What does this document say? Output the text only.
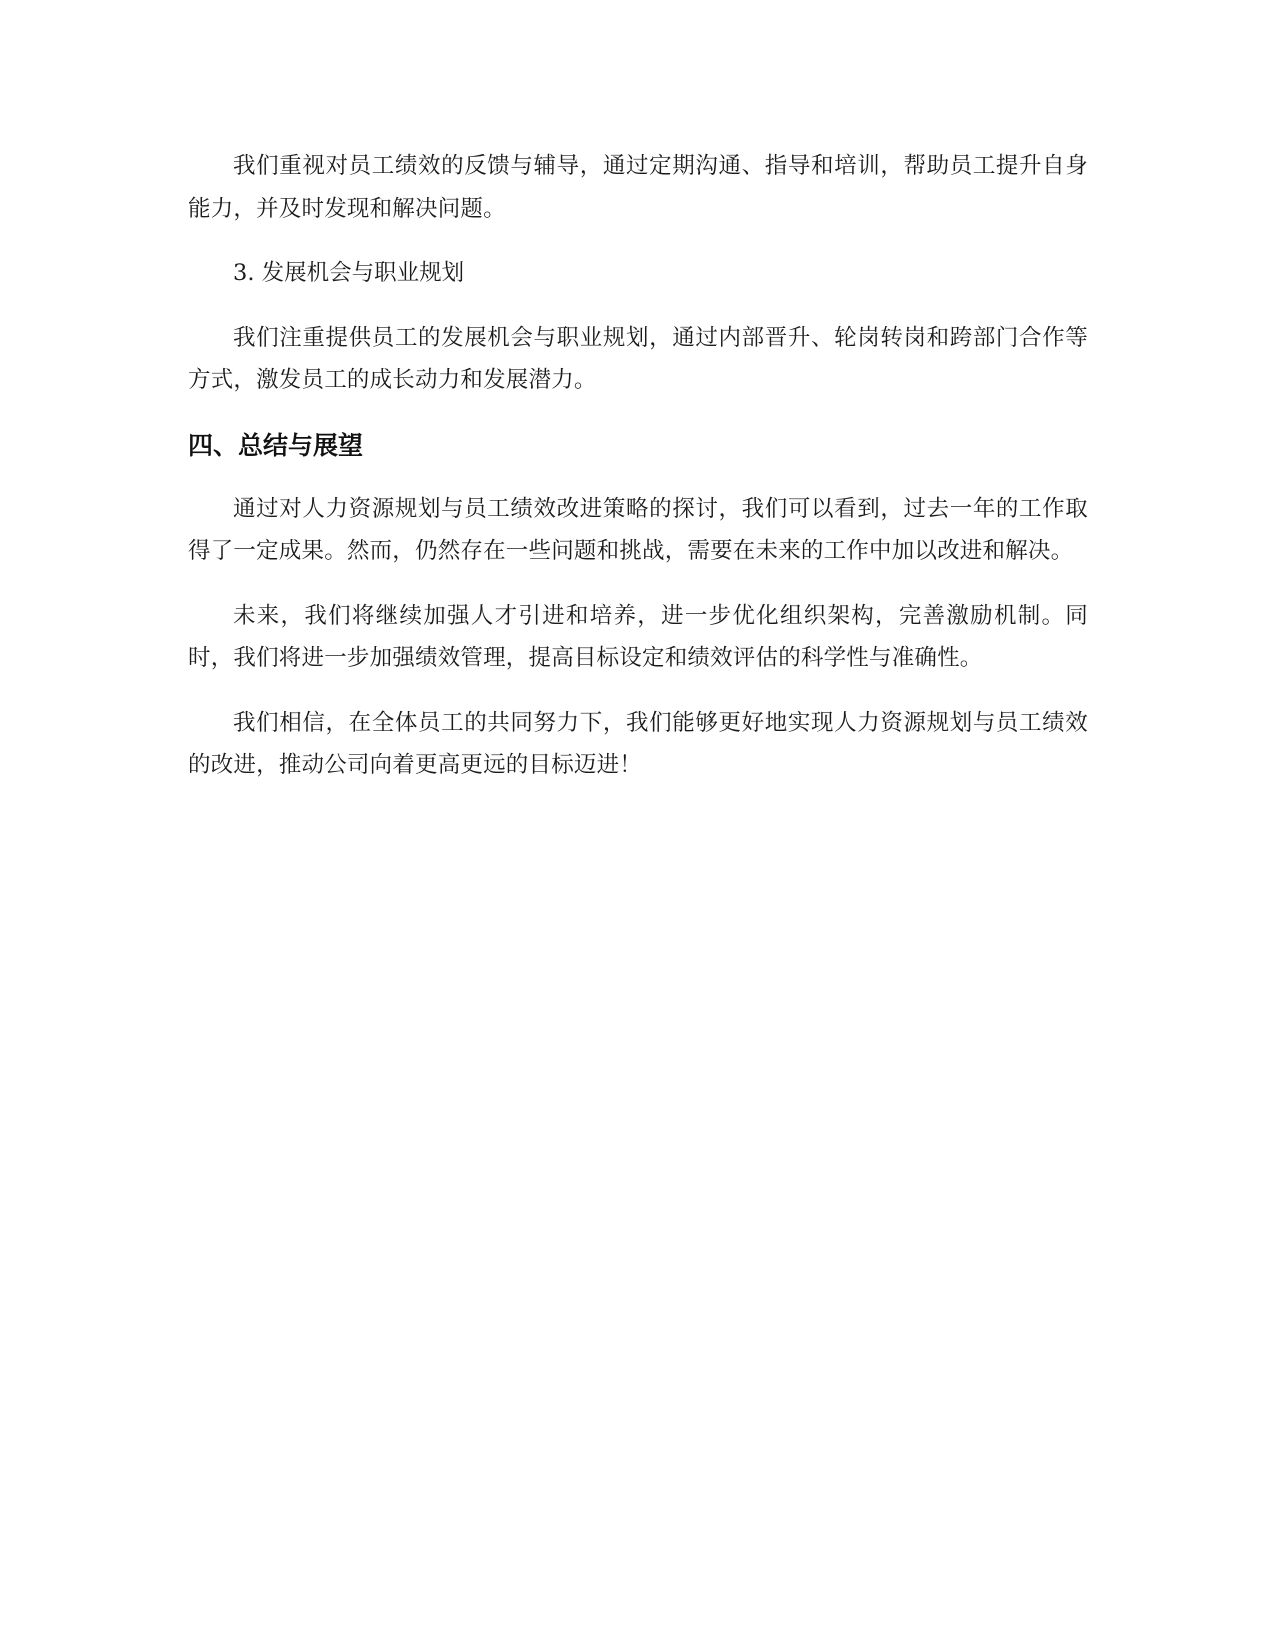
我们重视对员工绩效的反馈与辅导，通过定期沟通、指导和培训，帮助员工提升自身能力，并及时发现和解决问题。

3. 发展机会与职业规划

我们注重提供员工的发展机会与职业规划，通过内部晋升、轮岗转岗和跨部门合作等方式，激发员工的成长动力和发展潜力。

四、总结与展望

通过对人力资源规划与员工绩效改进策略的探讨，我们可以看到，过去一年的工作取得了一定成果。然而，仍然存在一些问题和挑战，需要在未来的工作中加以改进和解决。

未来，我们将继续加强人才引进和培养，进一步优化组织架构，完善激励机制。同时，我们将进一步加强绩效管理，提高目标设定和绩效评估的科学性与准确性。

我们相信，在全体员工的共同努力下，我们能够更好地实现人力资源规划与员工绩效的改进，推动公司向着更高更远的目标迈进！
